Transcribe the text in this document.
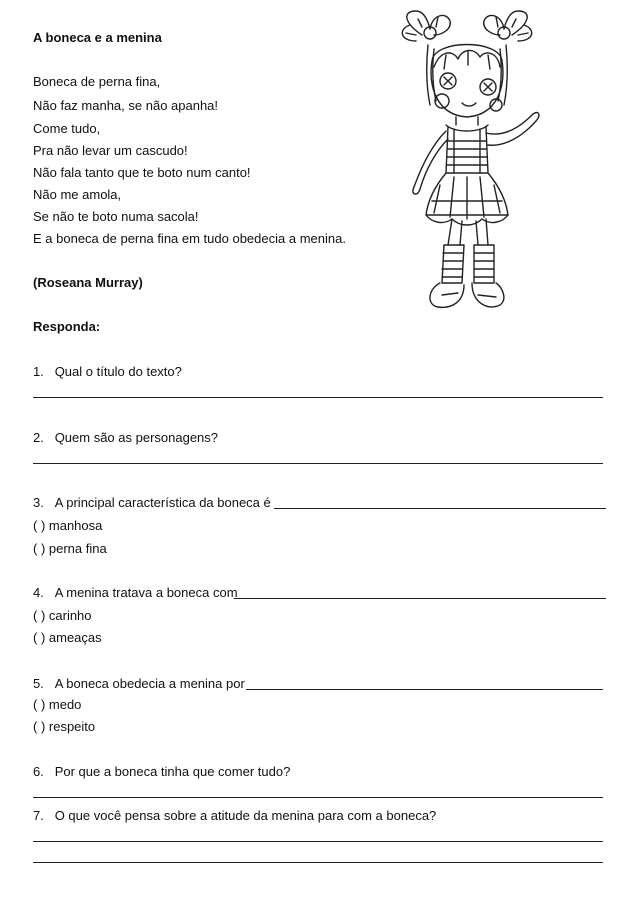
A boneca e a menina
Boneca de perna fina,
Não faz manha, se não apanha!
Come tudo,
Pra não levar um cascudo!
Não fala tanto que te boto num canto!
Não me amola,
Se não te boto numa sacola!
E a boneca de perna fina em tudo obedecia a menina.
(Roseana Murray)
Responda:
1. Qual o título do texto?
2. Quem são as personagens?
3. A principal característica da boneca é
( ) manhosa
( ) perna fina
4. A menina tratava a boneca com
( ) carinho
( ) ameaças
5. A boneca obedecia a menina por
( ) medo
( ) respeito
6. Por que a boneca tinha que comer tudo?
7. O que você pensa sobre a atitude da menina para com a boneca?
